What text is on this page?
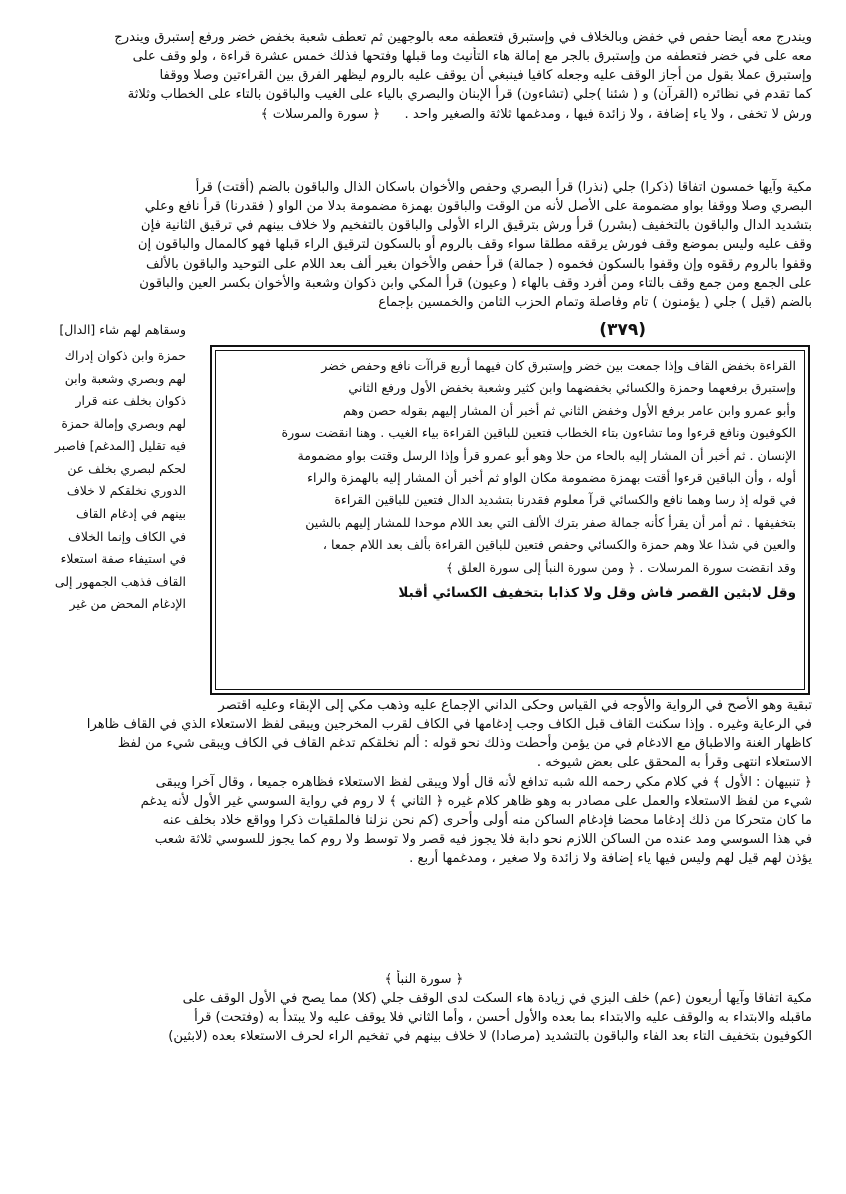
ويندرج معه أيضا حفص في خفض وبالخلاف في وإستبرق فتعطفه معه بالوجهين ثم تعطف شعبة بخفض خضر ورفع إستبرق ويندرج
معه على في خضر فتعطفه من وإستبرق بالجر مع إمالة هاء التأنيث وما قبلها وفتحها فذلك خمس عشرة قراءة ، ولو وقف على
وإستبرق عملا بقول من أجاز الوقف عليه وجعله كافيا فينبغي أن يوقف عليه بالروم ليظهر الفرق بين القراءتين وصلا ووقفا
كما تقدم في نظائره (القرآن) و ( شئنا )جلي (تشاءون) قرأ الإبنان والبصري بالياء على الغيب والباقون بالتاء على الخطاب وثلاثة
ورش لا تخفى ، ولا ياء إضافة ، ولا زائدة فيها ، ومدغمها ثلاثة والصغير واحد . ﴿ سورة والمرسلات ﴾
مكية وآيها خمسون اتفاقا (ذكرا) جلي (نذرا) قرأ البصري وحفص والأخوان باسكان الذال والباقون بالضم (أقتت) قرأ
البصري وصلا ووقفا بواو مضمومة على الأصل لأنه من الوقت والباقون بهمزة مضمومة بدلا من الواو ( فقدرنا) قرأ نافع وعلي
بتشديد الدال والباقون بالتخفيف (بشرر) قرأ ورش بترقيق الراء الأولى والباقون بالتفخيم ولا خلاف بينهم في ترقيق الثانية فإن
وقف عليه وليس بموضع وقف فورش يرققه مطلقا سواء وقف بالروم أو بالسكون لترقيق الراء قبلها فهو كالممال والباقون إن
وقفوا بالروم رققوه وإن وقفوا بالسكون فخموه ( جمالة) قرأ حفص والأخوان بغير ألف بعد اللام على التوحيد والباقون بالألف
على الجمع ومن جمع وقف بالتاء ومن أفرد وقف بالهاء ( وعيون) قرأ المكي وابن ذكوان وشعبة والأخوان بكسر العين والباقون
بالضم (قيل ) جلي ( يؤمنون ) تام وفاصلة وتمام الحزب الثامن والخمسين بإجماع
(٣٧٩)
وسقاهم لهم شاء [الدال]
القراءة بخفض القاف وإذا جمعت بين خضر وإستبرق كان فيهما أربع قراآت نافع وحفص خضر
وإستبرق برفعهما وحمزة والكسائي بخفضهما وابن كثير وشعبة بخفض الأول ورفع الثاني
وأبو عمرو وابن عامر برفع الأول وخفض الثاني ثم أخبر أن المشار إليهم بقوله حصن وهم
الكوفيون ونافع قرءوا وما تشاءون بتاء الخطاب فتعين للباقين القراءة بياء الغيب . وهنا انقضت سورة
الإنسان . ثم أخبر أن المشار إليه بالحاء من حلا وهو أبو عمرو قرأ وإذا الرسل وقتت بواو مضمومة
أوله ، وأن الباقين قرءوا أقتت بهمزة مضمومة مكان الواو ثم أخبر أن المشار إليه بالهمزة والراء
في قوله إذ رسا وهما نافع والكسائي قرآ معلوم فقدرنا بتشديد الدال فتعين للباقين القراءة
بتخفيفها . ثم أمر أن يقرأ كأنه جمالة صفر بترك الألف التي بعد اللام موحدا للمشار إليهم بالشين
والعين في شذا علا وهم حمزة والكسائي وحفص فتعين للباقين القراءة بألف بعد اللام جمعا ،
وقد انقضت سورة المرسلات . ﴿ ومن سورة النبأ إلى سورة العلق ﴾
وقل لابثين القصر فاش وقل ولا كذابا بتخفيف الكسائي أقبلا
حمزة وابن ذكوان إدراك
لهم وبصري وشعبة وابن
ذكوان بخلف عنه قرار
لهم وبصري وإمالة حمزة
فيه تقليل [المدغم] فاصبر
لحكم لبصري بخلف عن
الدوري نخلقكم لا خلاف
بينهم في إدغام القاف
في الكاف وإنما الخلاف
في استيفاء صفة استعلاء
القاف فذهب الجمهور إلى
الإدغام المحض من غير
تبقية وهو الأصح في الرواية والأوجه في القياس وحكى الداني الإجماع عليه وذهب مكي إلى الإبقاء وعليه اقتصر
في الرعاية وغيره . وإذا سكنت القاف قبل الكاف وجب إدغامها في الكاف لقرب المخرجين ويبقى لفظ الاستعلاء الذي في القاف ظاهرا
كاظهار الغنة والاطباق مع الادغام في من يؤمن وأحطت وذلك نحو قوله : ألم نخلقكم تدغم القاف في الكاف ويبقى شيء من لفظ
الاستعلاء انتهى وقرأ به المحقق على بعض شيوخه .
﴿ تنبيهان : الأول ﴾ في كلام مكي رحمه الله شبه تدافع لأنه قال أولا ويبقى لفظ الاستعلاء فظاهره جميعا ، وقال آخرا ويبقى
شيء من لفظ الاستعلاء والعمل على مصادر به وهو ظاهر كلام غيره ﴿ الثاني ﴾ لا روم في رواية السوسي غير الأول لأنه يدغم
ما كان متحركا من ذلك إدغاما محضا فإدغام الساكن منه أولى وأحرى (كم نحن نزلنا فالملقيات ذكرا وواقع خلاد بخلف عنه
في هذا السوسي ومد عنده من الساكن اللازم نحو دابة فلا يجوز فيه قصر ولا توسط ولا روم كما يجوز للسوسي ثلاثة شعب
يؤذن لهم قيل لهم وليس فيها ياء إضافة ولا زائدة ولا صغير ، ومدغمها أربع .
﴿ سورة النبأ ﴾
مكية اتفاقا وآيها أربعون (عم) خلف البزي في زيادة هاء السكت لدى الوقف جلي (كلا) مما يصح في الأول الوقف على
ماقبله والابتداء به والوقف عليه والابتداء بما بعده والأول أحسن ، وأما الثاني فلا يوقف عليه ولا يبتدأ به (وفتحت) قرأ
الكوفيون بتخفيف التاء بعد الفاء والباقون بالتشديد (مرصادا) لا خلاف بينهم في تفخيم الراء لحرف الاستعلاء بعده (لابثين)
